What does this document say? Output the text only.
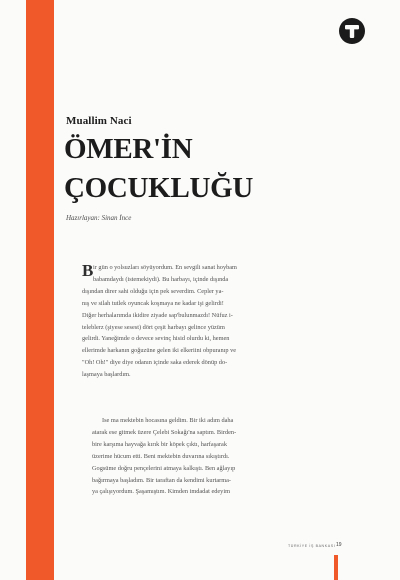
Muallim Naci
ÖMER'İN
ÇOCUKLUĞU
Hazırlayan: Sinan İnce
B ir gün o yolsuzları söyüyordum. En sevgili sanat hoybam
babamdaydı (istemekiydi). Bu harbayı, içinde dışında
dışından direr sahi olduğu için pek severdim. Cepler ya-
nış ve silah tutlek oyuncak koşmaya ne kadar işi gelirdi!
Diğer herhalarımda ikidire ziyade sap'bulunmazdı! Nüfuz i-
teleblerz (şiyese sesest) dört çeşit harbayı gelince yüzüm
gelirdi. Yaneğimde o devece sevinç hisid olurdu ki, hemen
ellerimde harkanın goğuzüne gelen iki elkeriini obpuranıp ve
"Oh! Oh!" diye diye odanın içinde saka ederek dönüp do-
laşmaya başlardım.
Ise ma mektebin hocasına geldim. Bir iki adım daha
atarak ese gitmek üzere Çelebi Sokağı'na saptım. Birden-
bire karşıma hayvağa kırık bir köpek çıktı, harfaşarak
üzerime hücum etti. Beni mektebin duvarına sıkıştırdı.
Gogsüme doğru pençelerini atmaya kalkıştı. Ben ağlayıp
bağırmaya başladım. Bir taraftan da kendimi kurtarma-
ya çalışıyordum. Şaşamıştım. Kimden imdadat edeyim
TÜRKİYE İŞ BANKASI 19
